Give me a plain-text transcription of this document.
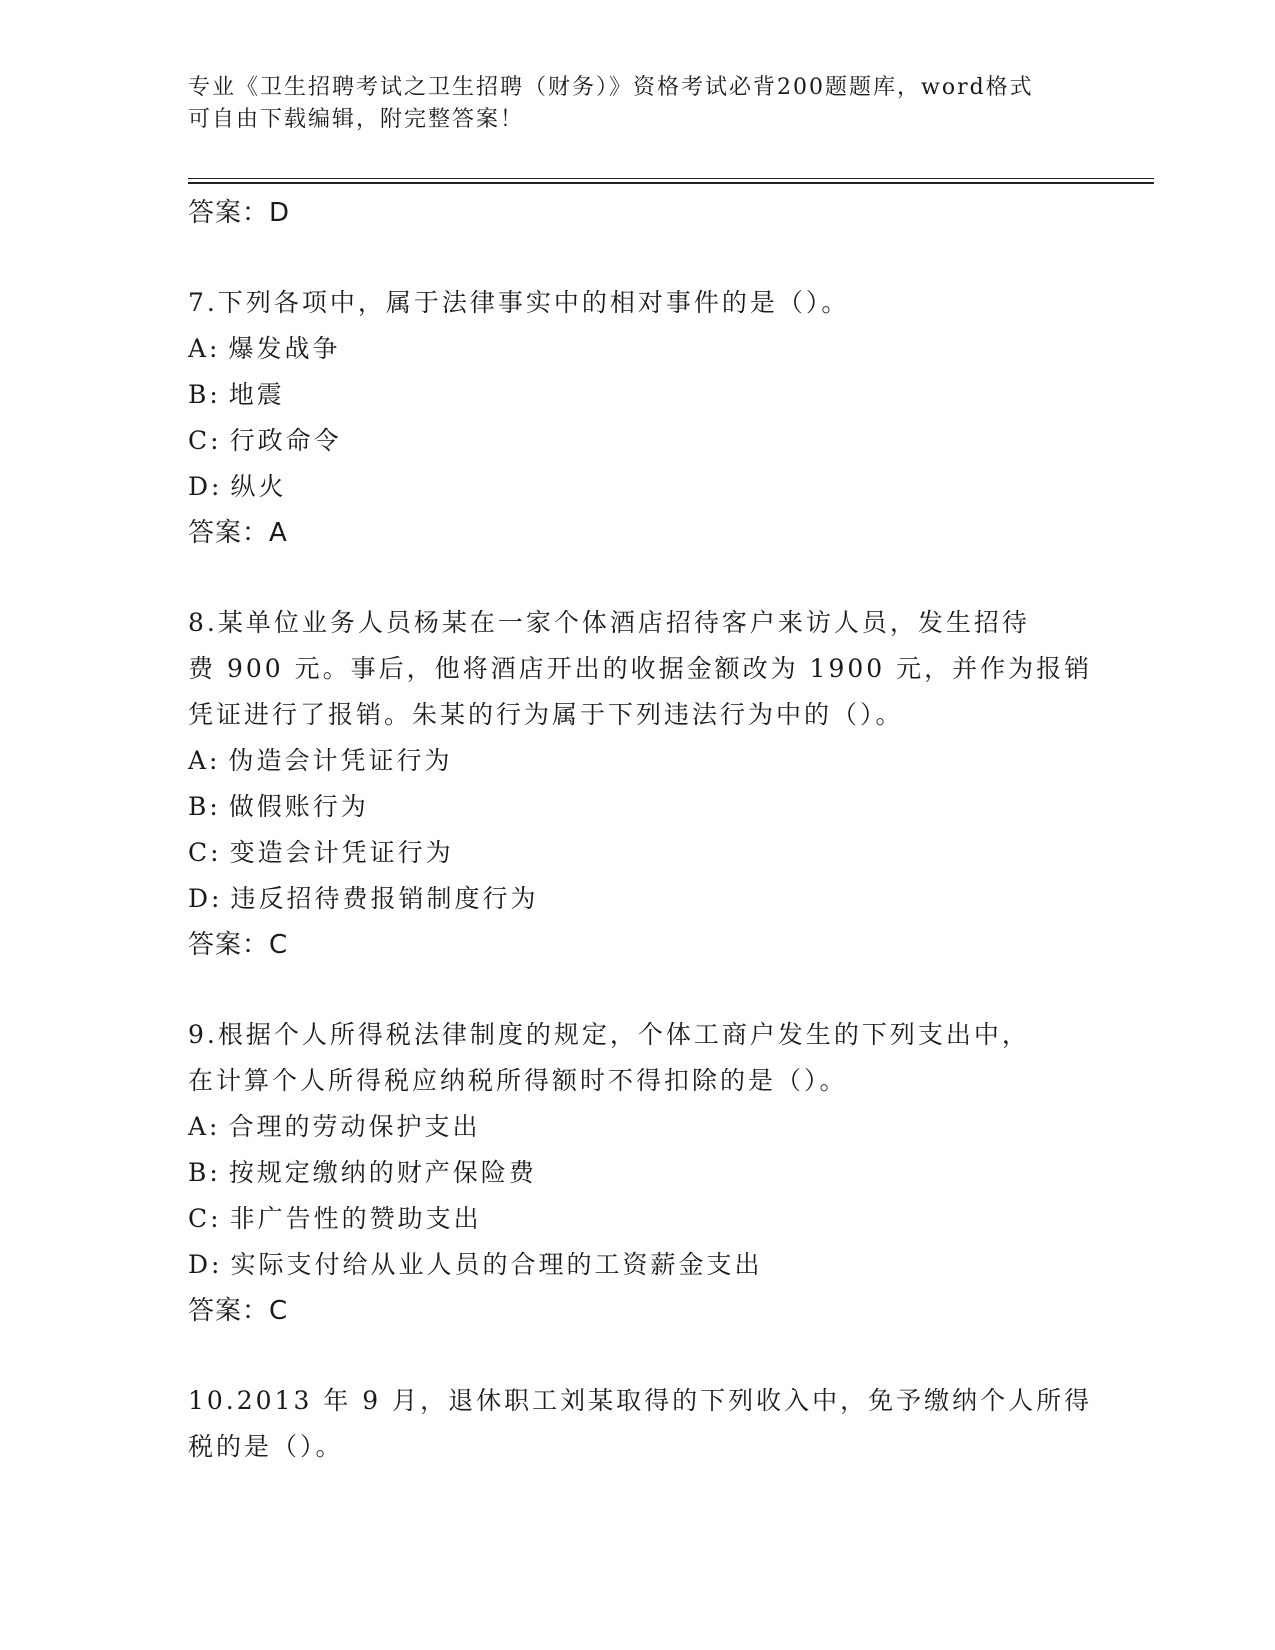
专业《卫生招聘考试之卫生招聘（财务）》资格考试必背200题题库，word格式
可自由下载编辑，附完整答案！
答案：D
7.下列各项中，属于法律事实中的相对事件的是（）。
A: 爆发战争
B: 地震
C: 行政命令
D: 纵火
答案：A
8.某单位业务人员杨某在一家个体酒店招待客户来访人员，发生招待
费 900 元。事后，他将酒店开出的收据金额改为 1900 元，并作为报销
凭证进行了报销。朱某的行为属于下列违法行为中的（）。
A: 伪造会计凭证行为
B: 做假账行为
C: 变造会计凭证行为
D: 违反招待费报销制度行为
答案：C
9.根据个人所得税法律制度的规定，个体工商户发生的下列支出中，
在计算个人所得税应纳税所得额时不得扣除的是（）。
A: 合理的劳动保护支出
B: 按规定缴纳的财产保险费
C: 非广告性的赞助支出
D: 实际支付给从业人员的合理的工资薪金支出
答案：C
10.2013 年 9 月，退休职工刘某取得的下列收入中，免予缴纳个人所得
税的是（）。
